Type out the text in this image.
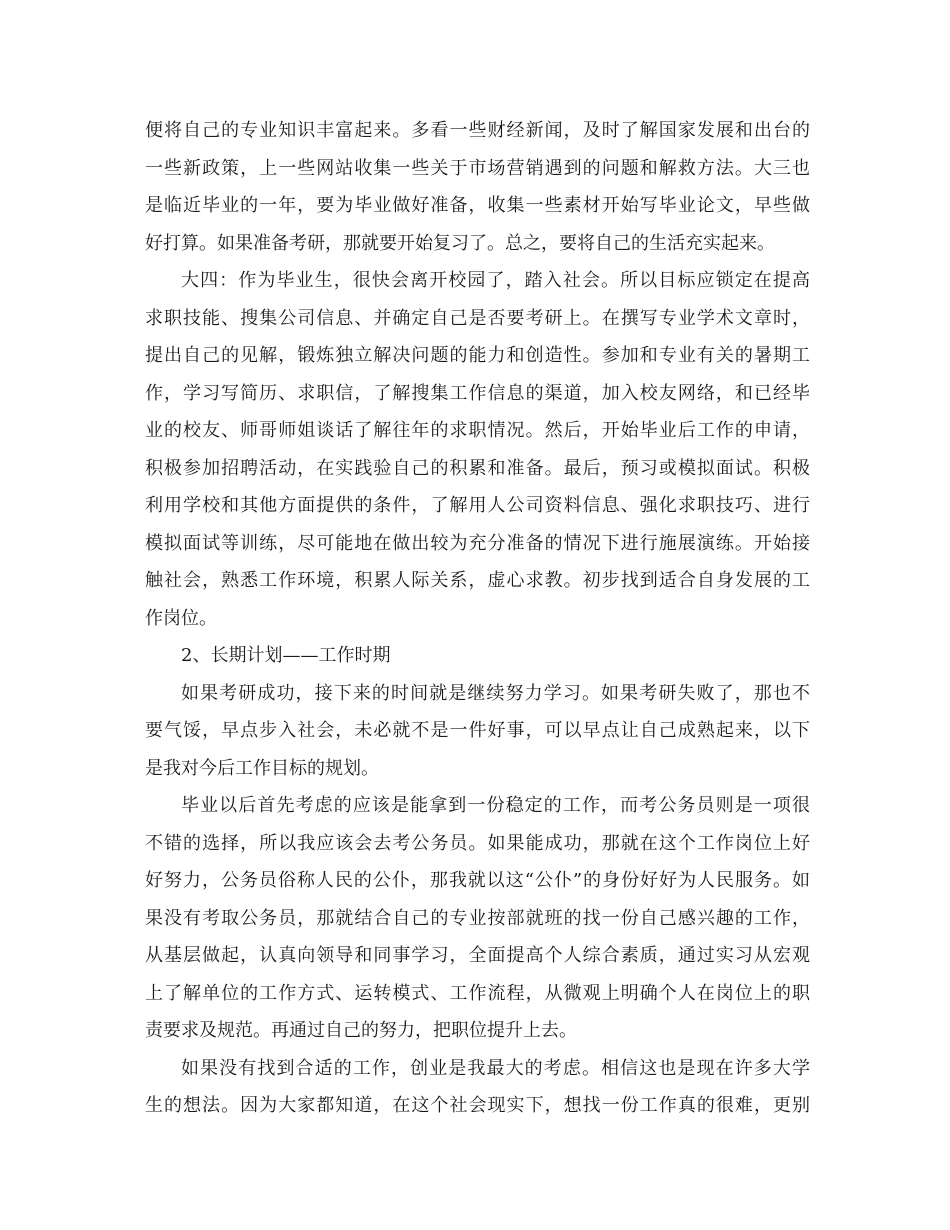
便将自己的专业知识丰富起来。多看一些财经新闻，及时了解国家发展和出台的
一些新政策，上一些网站收集一些关于市场营销遇到的问题和解救方法。大三也
是临近毕业的一年，要为毕业做好准备，收集一些素材开始写毕业论文，早些做
好打算。如果准备考研，那就要开始复习了。总之，要将自己的生活充实起来。
大四：作为毕业生，很快会离开校园了，踏入社会。所以目标应锁定在提高
求职技能、搜集公司信息、并确定自己是否要考研上。在撰写专业学术文章时，
提出自己的见解，锻炼独立解决问题的能力和创造性。参加和专业有关的暑期工
作，学习写简历、求职信，了解搜集工作信息的渠道，加入校友网络，和已经毕
业的校友、师哥师姐谈话了解往年的求职情况。然后，开始毕业后工作的申请，
积极参加招聘活动，在实践验自己的积累和准备。最后，预习或模拟面试。积极
利用学校和其他方面提供的条件，了解用人公司资料信息、强化求职技巧、进行
模拟面试等训练，尽可能地在做出较为充分准备的情况下进行施展演练。开始接
触社会，熟悉工作环境，积累人际关系，虚心求教。初步找到适合自身发展的工
作岗位。
2、长期计划——工作时期
如果考研成功，接下来的时间就是继续努力学习。如果考研失败了，那也不
要气馁，早点步入社会，未必就不是一件好事，可以早点让自己成熟起来，以下
是我对今后工作目标的规划。
毕业以后首先考虑的应该是能拿到一份稳定的工作，而考公务员则是一项很
不错的选择，所以我应该会去考公务员。如果能成功，那就在这个工作岗位上好
好努力，公务员俗称人民的公仆，那我就以这“公仆”的身份好好为人民服务。如
果没有考取公务员，那就结合自己的专业按部就班的找一份自己感兴趣的工作，
从基层做起，认真向领导和同事学习，全面提高个人综合素质，通过实习从宏观
上了解单位的工作方式、运转模式、工作流程，从微观上明确个人在岗位上的职
责要求及规范。再通过自己的努力，把职位提升上去。
如果没有找到合适的工作，创业是我最大的考虑。相信这也是现在许多大学
生的想法。因为大家都知道，在这个社会现实下，想找一份工作真的很难，更别
